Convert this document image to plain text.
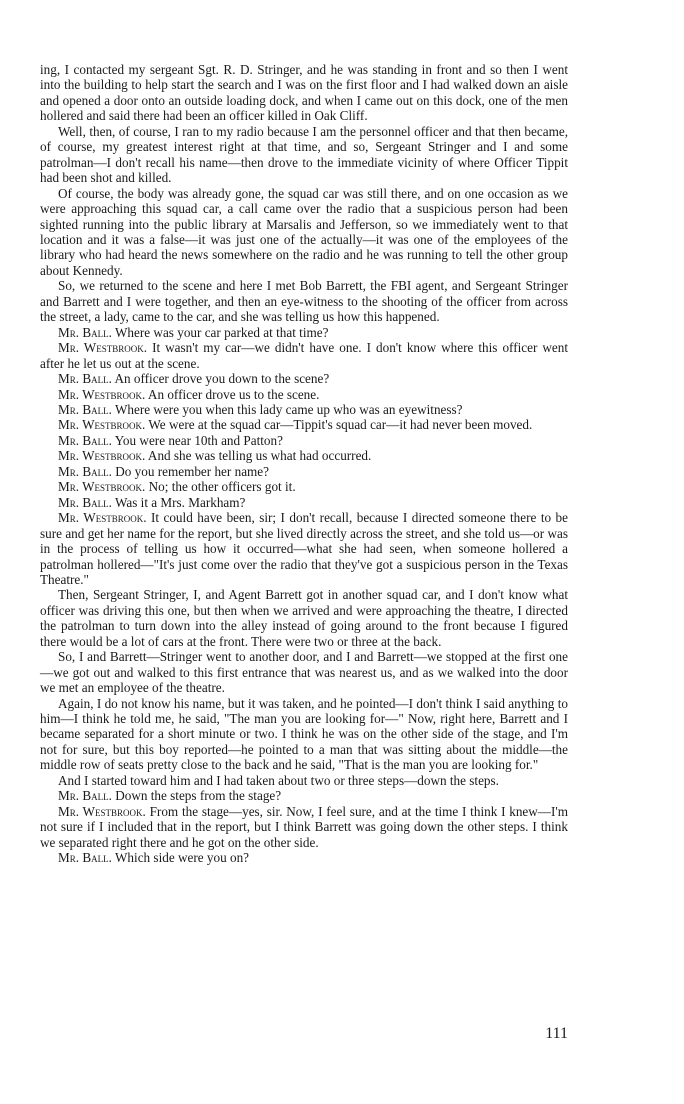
ing, I contacted my sergeant Sgt. R. D. Stringer, and he was standing in front and so then I went into the building to help start the search and I was on the first floor and I had walked down an aisle and opened a door onto an outside loading dock, and when I came out on this dock, one of the men hollered and said there had been an officer killed in Oak Cliff.

Well, then, of course, I ran to my radio because I am the personnel officer and that then became, of course, my greatest interest right at that time, and so, Sergeant Stringer and I and some patrolman—I don't recall his name—then drove to the immediate vicinity of where Officer Tippit had been shot and killed.

Of course, the body was already gone, the squad car was still there, and on one occasion as we were approaching this squad car, a call came over the radio that a suspicious person had been sighted running into the public library at Marsalis and Jefferson, so we immediately went to that location and it was a false—it was just one of the actually—it was one of the employees of the library who had heard the news somewhere on the radio and he was running to tell the other group about Kennedy.

So, we returned to the scene and here I met Bob Barrett, the FBI agent, and Sergeant Stringer and Barrett and I were together, and then an eye-witness to the shooting of the officer from across the street, a lady, came to the car, and she was telling us how this happened.

Mr. Ball. Where was your car parked at that time?

Mr. Westbrook. It wasn't my car—we didn't have one. I don't know where this officer went after he let us out at the scene.

Mr. Ball. An officer drove you down to the scene?

Mr. Westbrook. An officer drove us to the scene.

Mr. Ball. Where were you when this lady came up who was an eyewitness?

Mr. Westbrook. We were at the squad car—Tippit's squad car—it had never been moved.

Mr. Ball. You were near 10th and Patton?

Mr. Westbrook. And she was telling us what had occurred.

Mr. Ball. Do you remember her name?

Mr. Westbrook. No; the other officers got it.

Mr. Ball. Was it a Mrs. Markham?

Mr. Westbrook. It could have been, sir; I don't recall, because I directed someone there to be sure and get her name for the report, but she lived directly across the street, and she told us—or was in the process of telling us how it occurred—what she had seen, when someone hollered a patrolman hollered—"It's just come over the radio that they've got a suspicious person in the Texas Theatre."

Then, Sergeant Stringer, I, and Agent Barrett got in another squad car, and I don't know what officer was driving this one, but then when we arrived and were approaching the theatre, I directed the patrolman to turn down into the alley instead of going around to the front because I figured there would be a lot of cars at the front. There were two or three at the back.

So, I and Barrett—Stringer went to another door, and I and Barrett—we stopped at the first one—we got out and walked to this first entrance that was nearest us, and as we walked into the door we met an employee of the theatre.

Again, I do not know his name, but it was taken, and he pointed—I don't think I said anything to him—I think he told me, he said, "The man you are looking for—" Now, right here, Barrett and I became separated for a short minute or two. I think he was on the other side of the stage, and I'm not for sure, but this boy reported—he pointed to a man that was sitting about the middle—the middle row of seats pretty close to the back and he said, "That is the man you are looking for."

And I started toward him and I had taken about two or three steps—down the steps.

Mr. Ball. Down the steps from the stage?

Mr. Westbrook. From the stage—yes, sir. Now, I feel sure, and at the time I think I knew—I'm not sure if I included that in the report, but I think Barrett was going down the other steps. I think we separated right there and he got on the other side.

Mr. Ball. Which side were you on?

111
